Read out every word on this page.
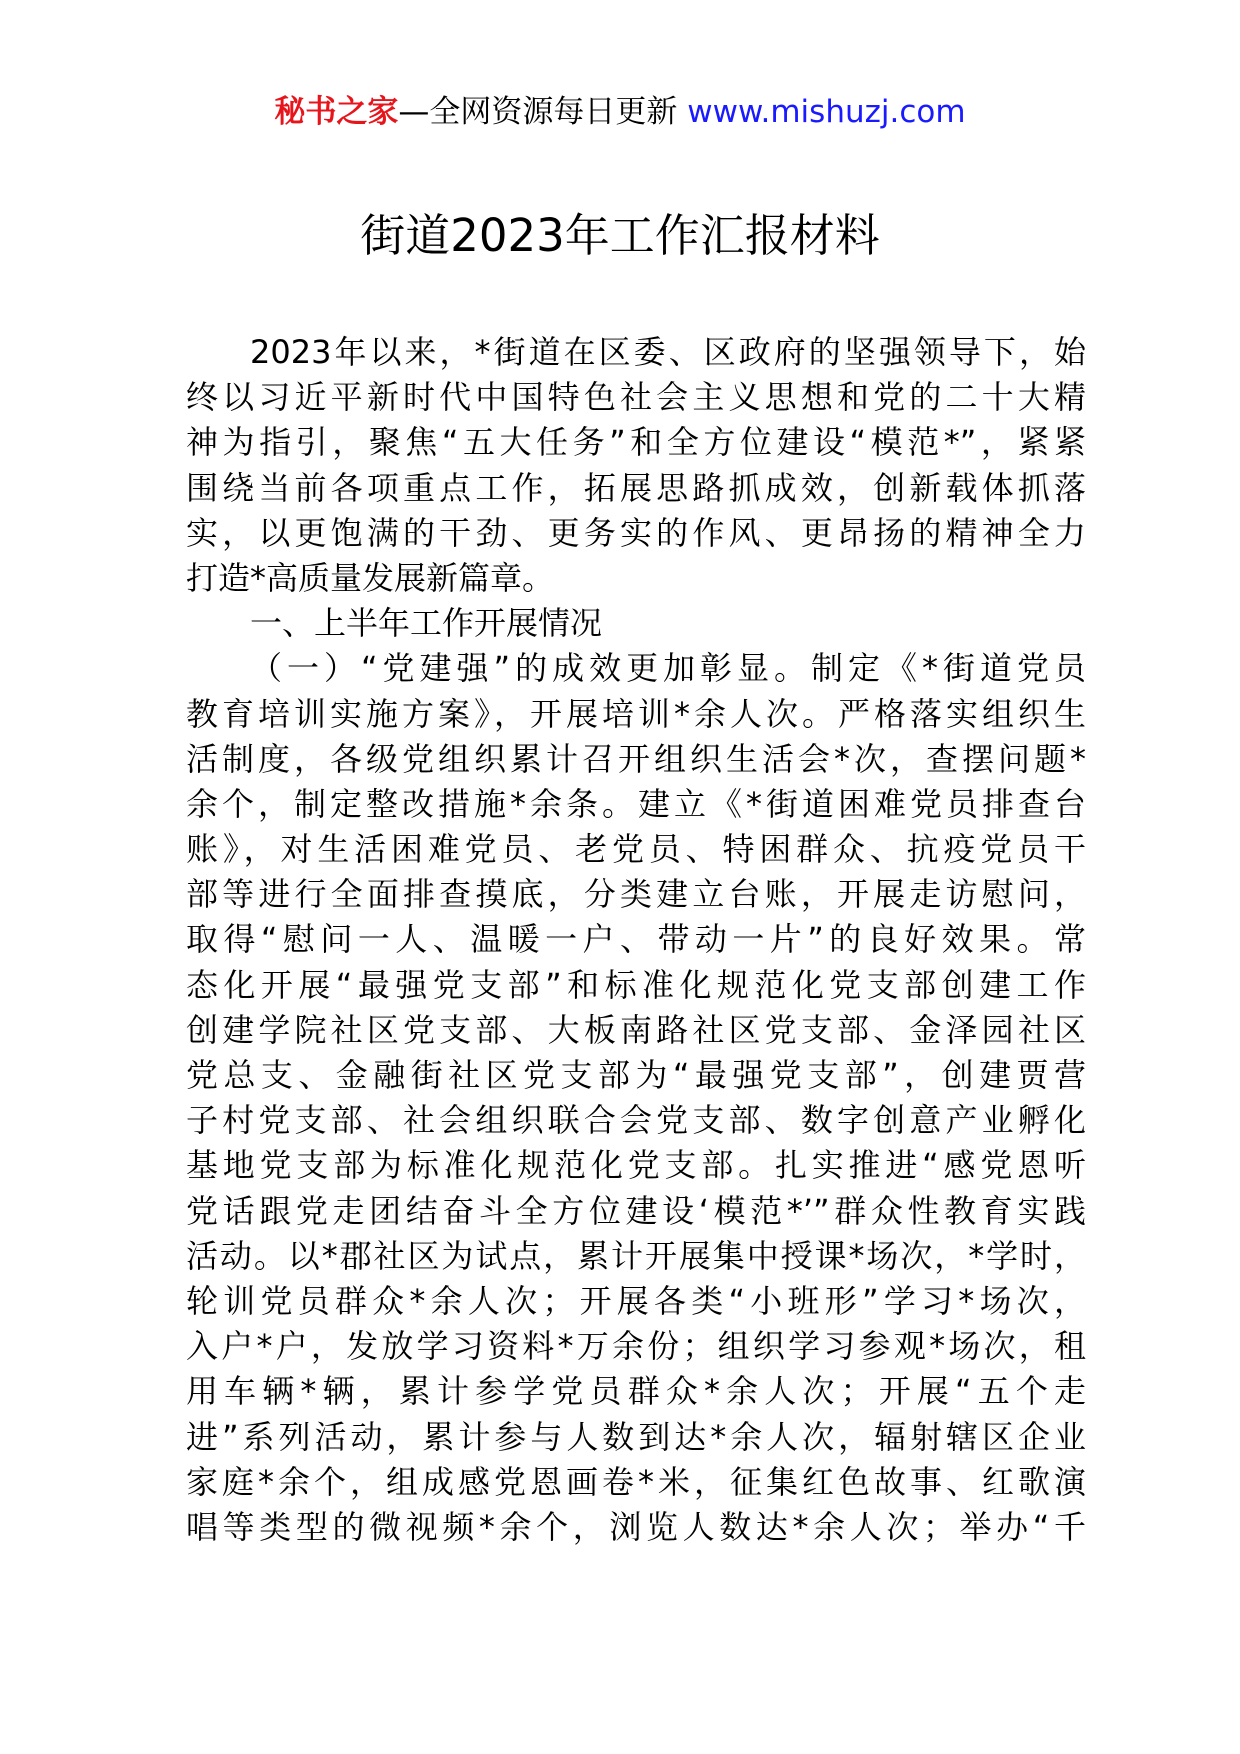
秘书之家—全网资源每日更新 www.mishuzj.com
街道2023年工作汇报材料
2023年以来，*街道在区委、区政府的坚强领导下，始
终以习近平新时代中国特色社会主义思想和党的二十大精
神为指引，聚焦“五大任务”和全方位建设“模范*”，紧紧
围绕当前各项重点工作，拓展思路抓成效，创新载体抓落
实，以更饱满的干劲、更务实的作风、更昂扬的精神全力
打造*高质量发展新篇章。
一、上半年工作开展情况
（一）“党建强”的成效更加彰显。制定《*街道党员
教育培训实施方案》，开展培训*余人次。严格落实组织生
活制度，各级党组织累计召开组织生活会*次，查摆问题*
余个，制定整改措施*余条。建立《*街道困难党员排查台
账》，对生活困难党员、老党员、特困群众、抗疫党员干
部等进行全面排查摸底，分类建立台账，开展走访慰问，
取得“慰问一人、温暖一户、带动一片”的良好效果。常
态化开展“最强党支部”和标准化规范化党支部创建工作
创建学院社区党支部、大板南路社区党支部、金泽园社区
党总支、金融街社区党支部为“最强党支部”，创建贾营
子村党支部、社会组织联合会党支部、数字创意产业孵化
基地党支部为标准化规范化党支部。扎实推进“感党恩听
党话跟党走团结奋斗全方位建设‘模范*’”群众性教育实践
活动。以*郡社区为试点，累计开展集中授课*场次，*学时，
轮训党员群众*余人次；开展各类“小班形”学习*场次，
入户*户，发放学习资料*万余份；组织学习参观*场次，租
用车辆*辆，累计参学党员群众*余人次；开展“五个走
进”系列活动，累计参与人数到达*余人次，辐射辖区企业
家庭*余个，组成感党恩画卷*米，征集红色故事、红歌演
唱等类型的微视频*余个，浏览人数达*余人次；举办“千
